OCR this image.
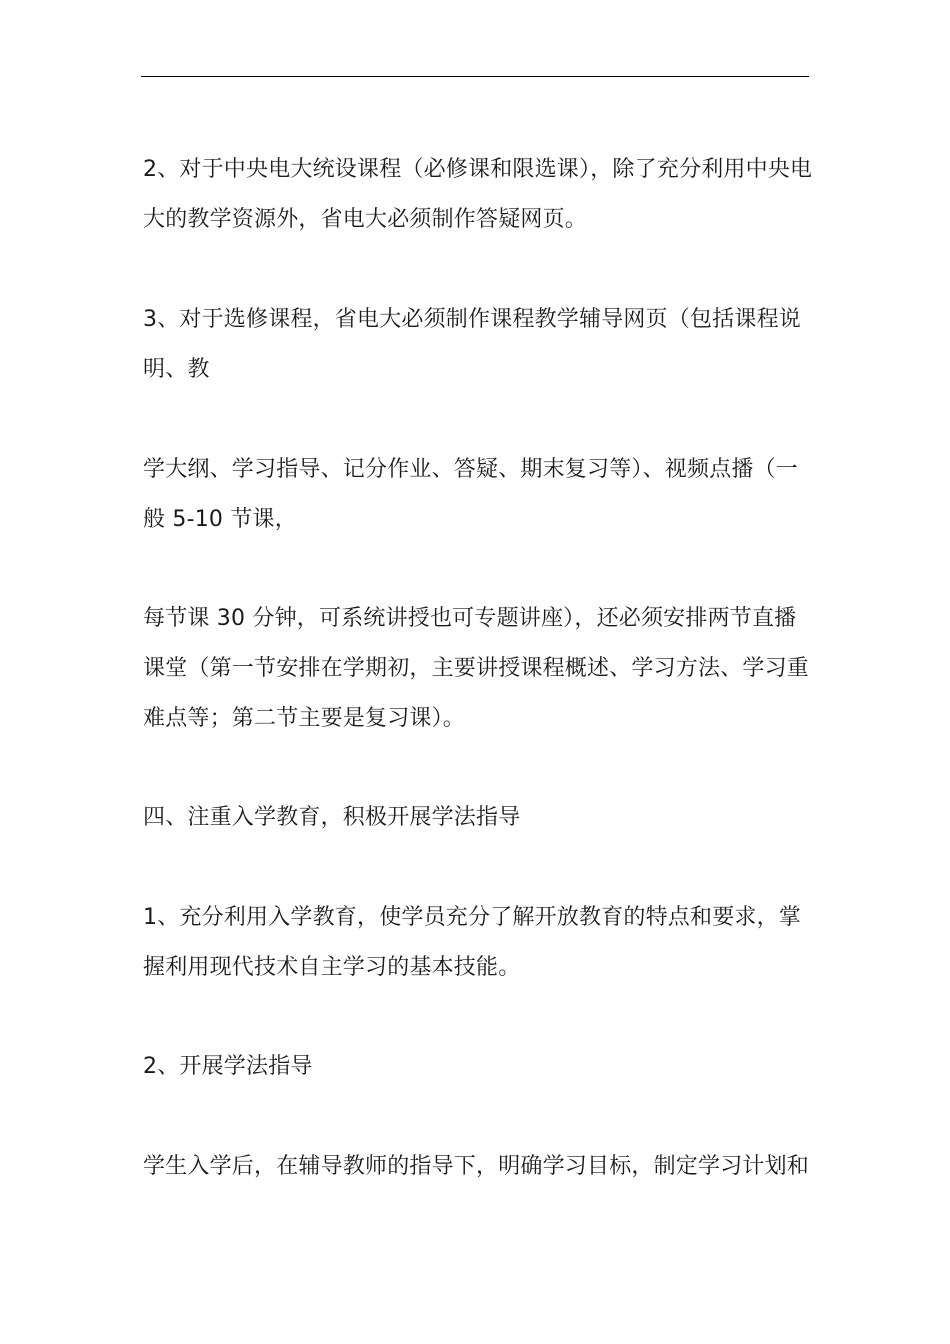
2、对于中央电大统设课程（必修课和限选课），除了充分利用中央电
大的教学资源外，省电大必须制作答疑网页。
3、对于选修课程，省电大必须制作课程教学辅导网页（包括课程说
明、教
学大纲、学习指导、记分作业、答疑、期末复习等）、视频点播（一
般 5-10 节课，
每节课 30 分钟，可系统讲授也可专题讲座），还必须安排两节直播
课堂（第一节安排在学期初，主要讲授课程概述、学习方法、学习重
难点等；第二节主要是复习课）。
四、注重入学教育，积极开展学法指导
1、充分利用入学教育，使学员充分了解开放教育的特点和要求，掌
握利用现代技术自主学习的基本技能。
2、开展学法指导
学生入学后，在辅导教师的指导下，明确学习目标，制定学习计划和
